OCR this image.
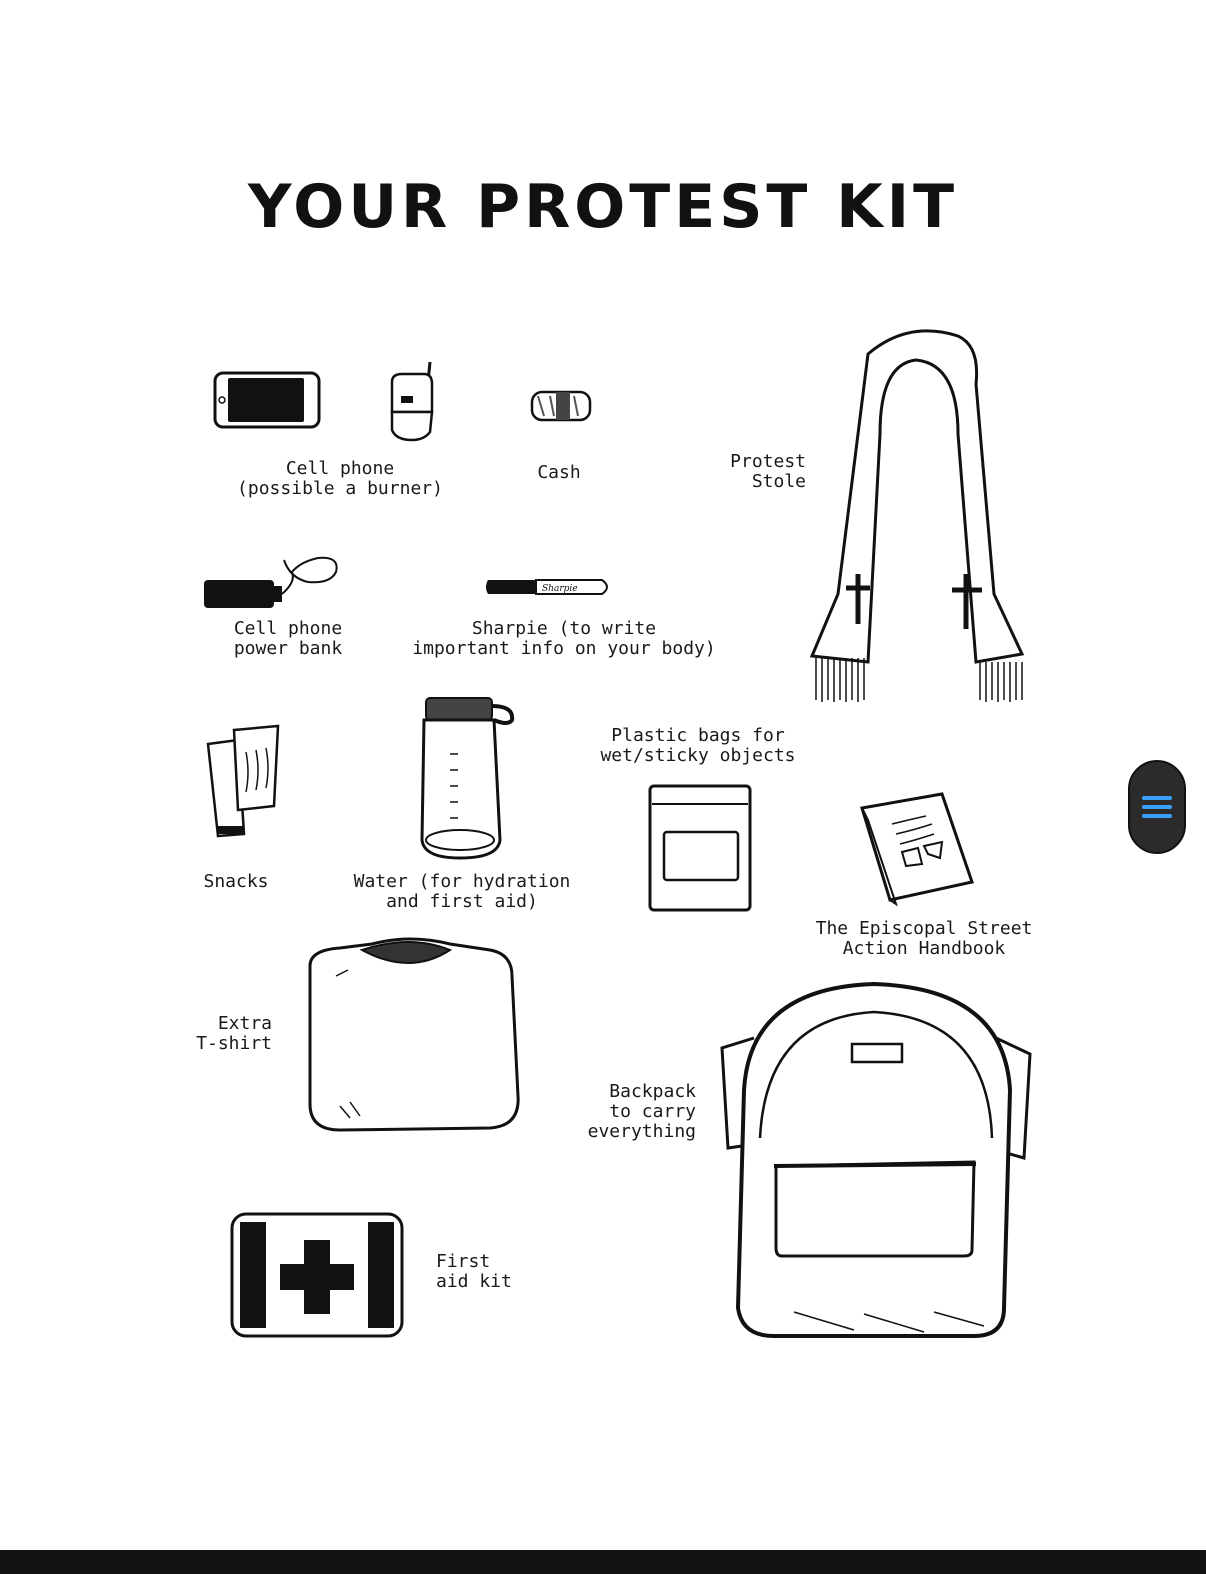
YOUR PROTEST KIT
Sharpie
Cell phone
(possible a burner)
Cash
Protest
Stole
Cell phone
power bank
Sharpie (to write
important info on your body)
Plastic bags for
wet/sticky objects
Snacks	Water (for hydration
and first aid)
The Episcopal Street
Action Handbook
Extra
T-shirt
Backpack
to carry
everything
First
aid kit
